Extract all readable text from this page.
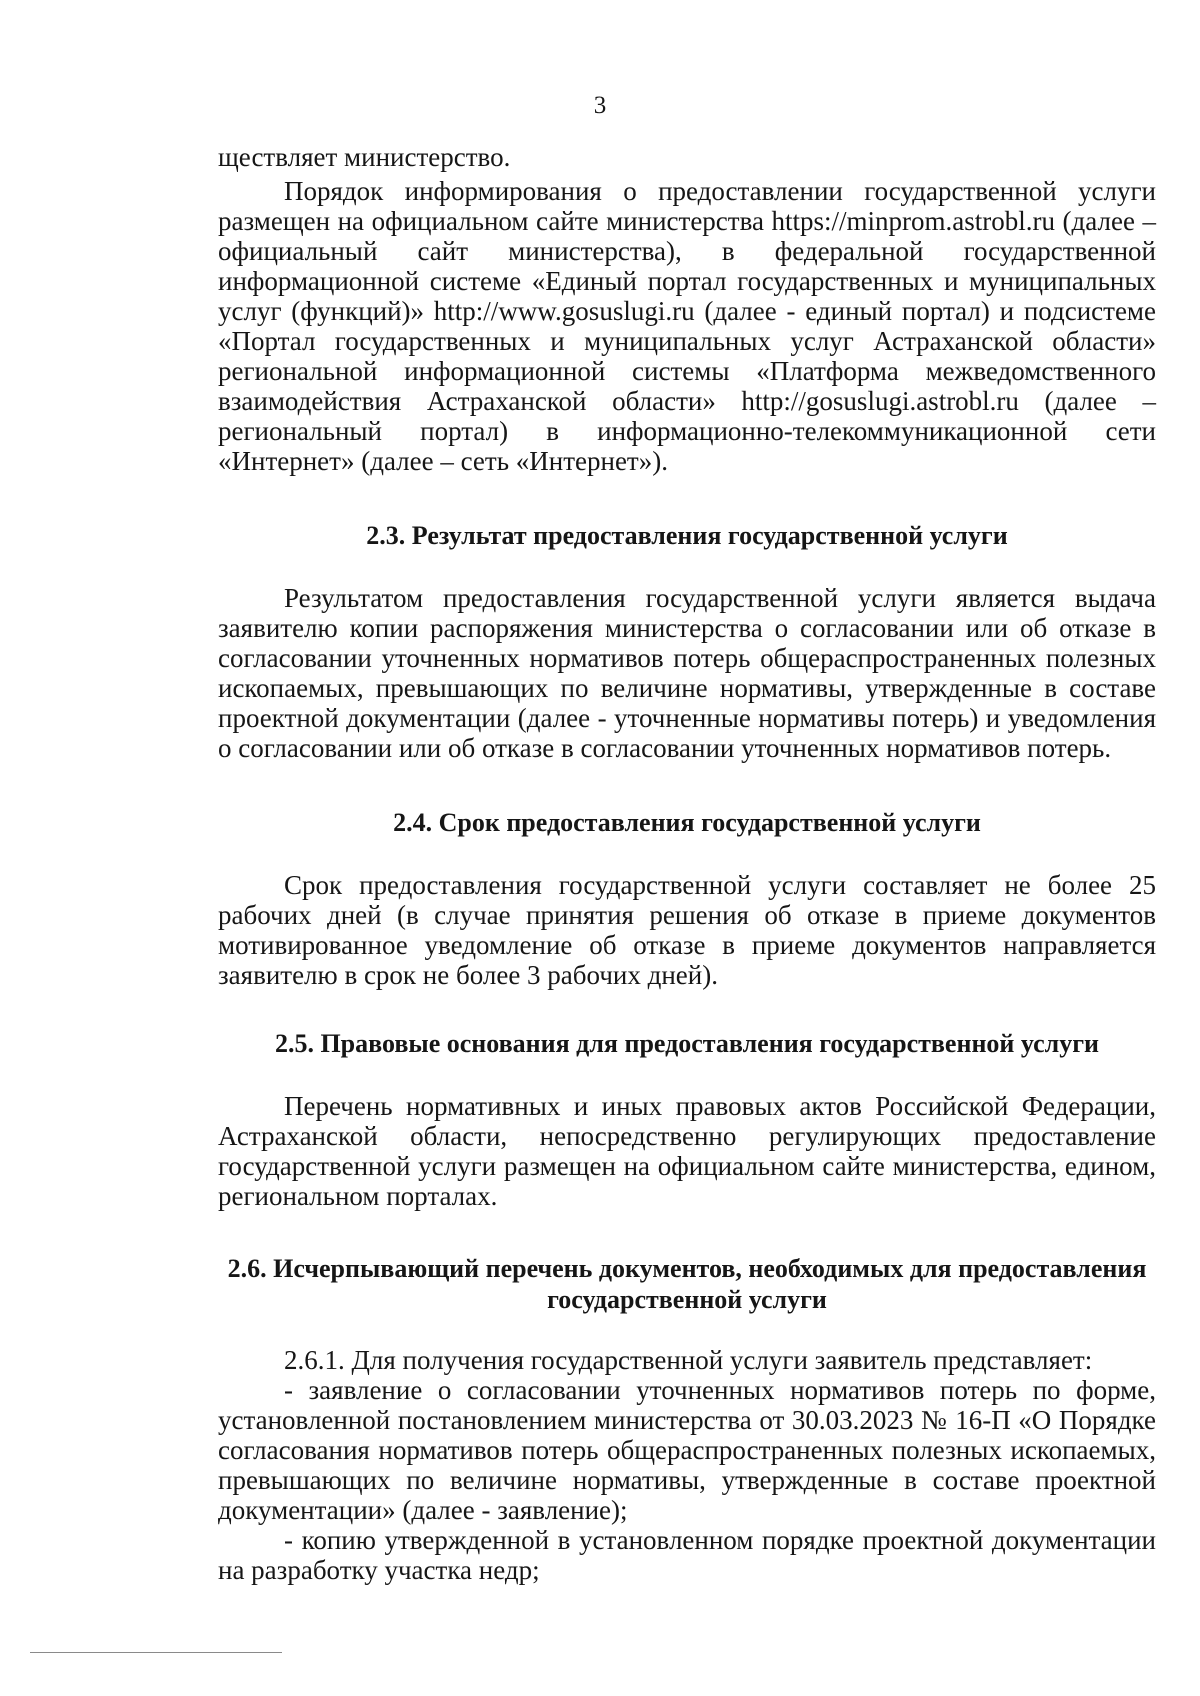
3

ществляет министерство.

Порядок информирования о предоставлении государственной услуги размещен на официальном сайте министерства https://minprom.astrobl.ru (далее – официальный сайт министерства), в федеральной государственной информационной системе «Единый портал государственных и муниципальных услуг (функций)» http://www.gosuslugi.ru (далее - единый портал) и подсистеме «Портал государственных и муниципальных услуг Астраханской области» региональной информационной системы «Платформа межведомственного взаимодействия Астраханской области» http://gosuslugi.astrobl.ru (далее – региональный портал) в информационно-телекоммуникационной сети «Интернет» (далее – сеть «Интернет»).

2.3. Результат предоставления государственной услуги

Результатом предоставления государственной услуги является выдача заявителю копии распоряжения министерства о согласовании или об отказе в согласовании уточненных нормативов потерь общераспространенных полезных ископаемых, превышающих по величине нормативы, утвержденные в составе проектной документации (далее - уточненные нормативы потерь) и уведомления о согласовании или об отказе в согласовании уточненных нормативов потерь.

2.4. Срок предоставления государственной услуги

Срок предоставления государственной услуги составляет не более 25 рабочих дней (в случае принятия решения об отказе в приеме документов мотивированное уведомление об отказе в приеме документов направляется заявителю в срок не более 3 рабочих дней).

2.5. Правовые основания для предоставления государственной услуги

Перечень нормативных и иных правовых актов Российской Федерации, Астраханской области, непосредственно регулирующих предоставление государственной услуги размещен на официальном сайте министерства, едином, региональном порталах.

2.6. Исчерпывающий перечень документов, необходимых для предоставления
государственной услуги

2.6.1. Для получения государственной услуги заявитель представляет:

- заявление о согласовании уточненных нормативов потерь по форме, установленной постановлением министерства от 30.03.2023 № 16-П «О Порядке согласования нормативов потерь общераспространенных полезных ископаемых, превышающих по величине нормативы, утвержденные в составе проектной документации» (далее - заявление);

- копию утвержденной в установленном порядке проектной документации на разработку участка недр;
